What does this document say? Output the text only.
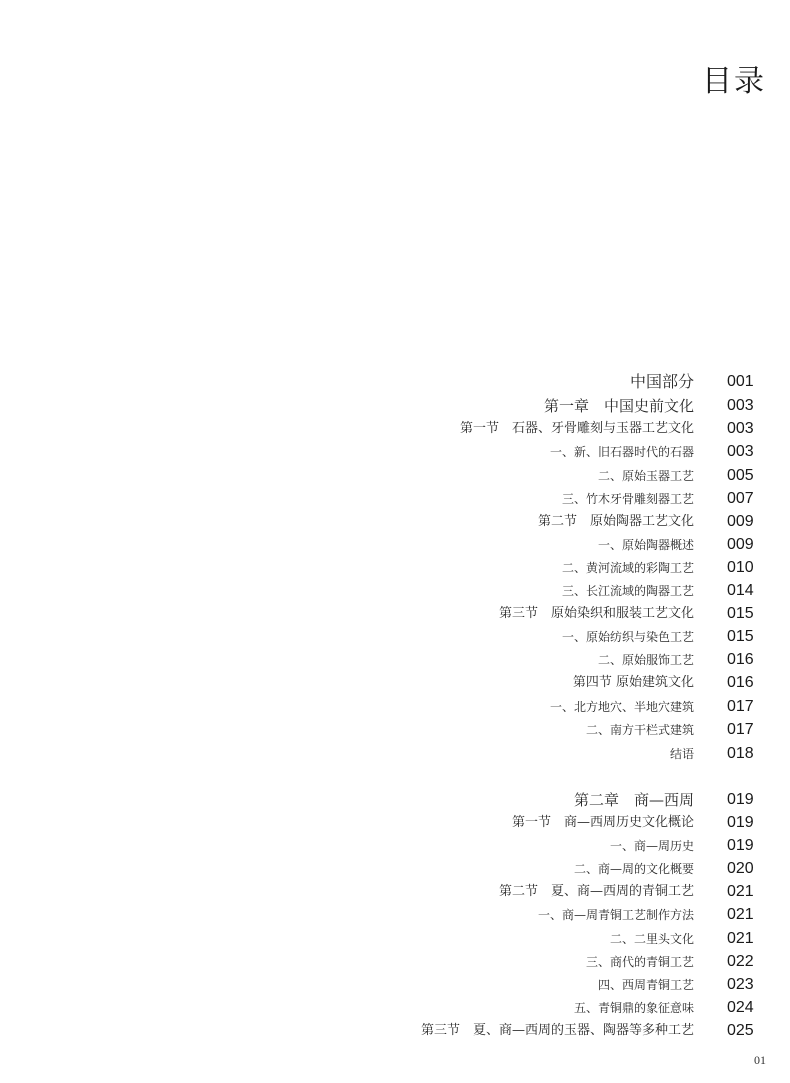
目录
中国部分 001
第一章　中国史前文化 003
第一节　石器、牙骨雕刻与玉器工艺文化 003
一、新、旧石器时代的石器 003
二、原始玉器工艺 005
三、竹木牙骨雕刻器工艺 007
第二节　原始陶器工艺文化 009
一、原始陶器概述 009
二、黄河流域的彩陶工艺 010
三、长江流域的陶器工艺 014
第三节　原始染织和服装工艺文化 015
一、原始纺织与染色工艺 015
二、原始服饰工艺 016
第四节 原始建筑文化 016
一、北方地穴、半地穴建筑 017
二、南方干栏式建筑 017
结语 018
第二章　商—西周 019
第一节　商—西周历史文化概论 019
一、商—周历史 019
二、商—周的文化概要 020
第二节　夏、商—西周的青铜工艺 021
一、商—周青铜工艺制作方法 021
二、二里头文化 021
三、商代的青铜工艺 022
四、西周青铜工艺 023
五、青铜鼎的象征意味 024
第三节　夏、商—西周的玉器、陶器等多种工艺 025
01
